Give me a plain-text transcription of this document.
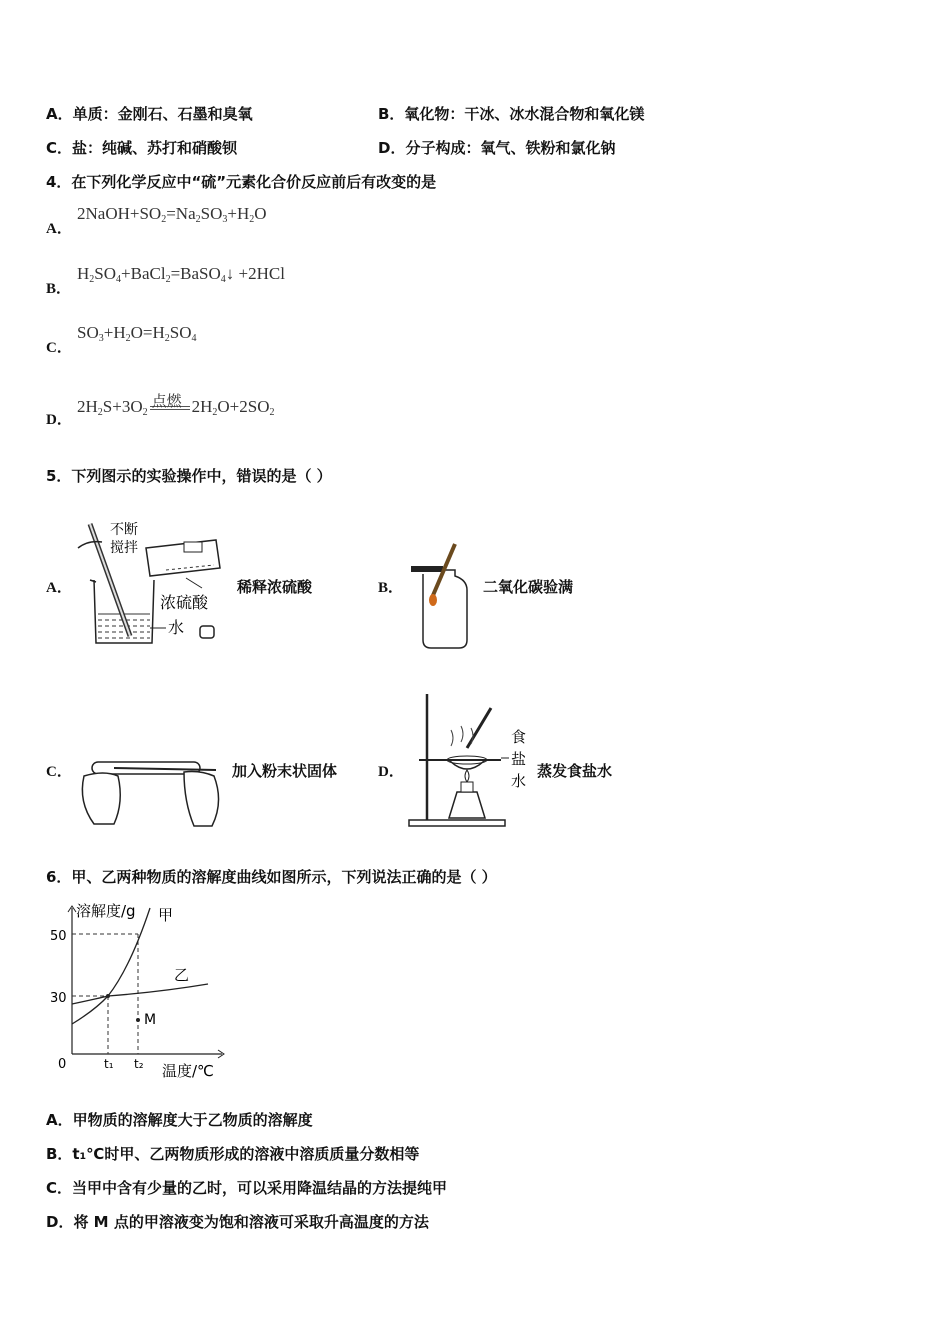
A．单质：金刚石、石墨和臭氧	B．氧化物：干冰、冰水混合物和氧化镁
C．盐：纯碱、苏打和硝酸钡	D．分子构成：氧气、铁粉和氯化钠
4．在下列化学反应中“硫”元素化合价反应前后有改变的是
A．
$2NaOH+SO_2=Na_2SO_3+H_2O$
B．
$H_2SO_4+BaCl_2=BaSO_4↓ +2HCl$
C．
$SO_3+H_2O=H_2SO_4$
D．
$2H_2S+3O_2$
点燃 $2H_2O+2SO_2$
5．下列图示的实验操作中，错误的是（ ）
A．
不断
搅拌
浓硫酸
水
稀释浓硫酸	B．	二氧化碳验满
C．	加入粉末状固体	D．
食
盐
水
蒸发食盐水
6．甲、乙两种物质的溶解度曲线如图所示，下列说法正确的是（ ）
溶解度/g
温度/℃
50
30
0	t₁ t₂
M
甲
乙
A．甲物质的溶解度大于乙物质的溶解度
B．t₁℃时甲、乙两物质形成的溶液中溶质质量分数相等
C．当甲中含有少量的乙时，可以采用降温结晶的方法提纯甲
D．将 M 点的甲溶液变为饱和溶液可采取升高温度的方法
